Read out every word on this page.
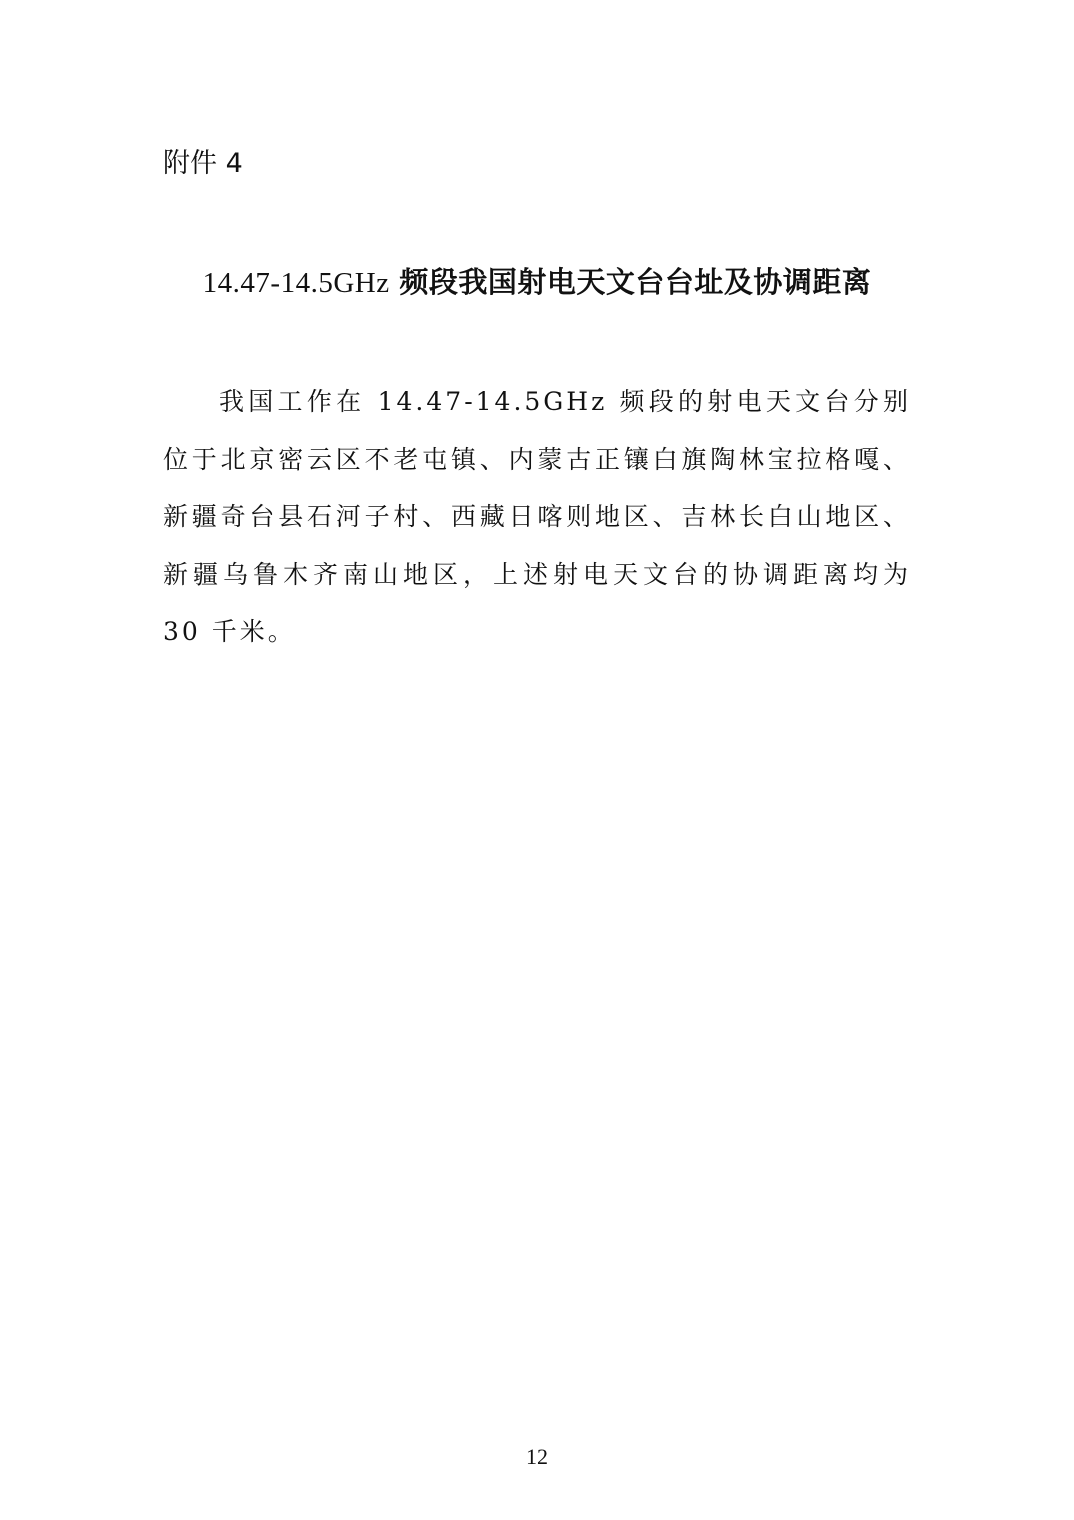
附件 4
14.47-14.5GHz 频段我国射电天文台台址及协调距离

我国工作在 14.47-14.5GHz 频段的射电天文台分别位于北京密云区不老屯镇、内蒙古正镶白旗陶林宝拉格嘎、新疆奇台县石河子村、西藏日喀则地区、吉林长白山地区、新疆乌鲁木齐南山地区，上述射电天文台的协调距离均为 30 千米。

12
